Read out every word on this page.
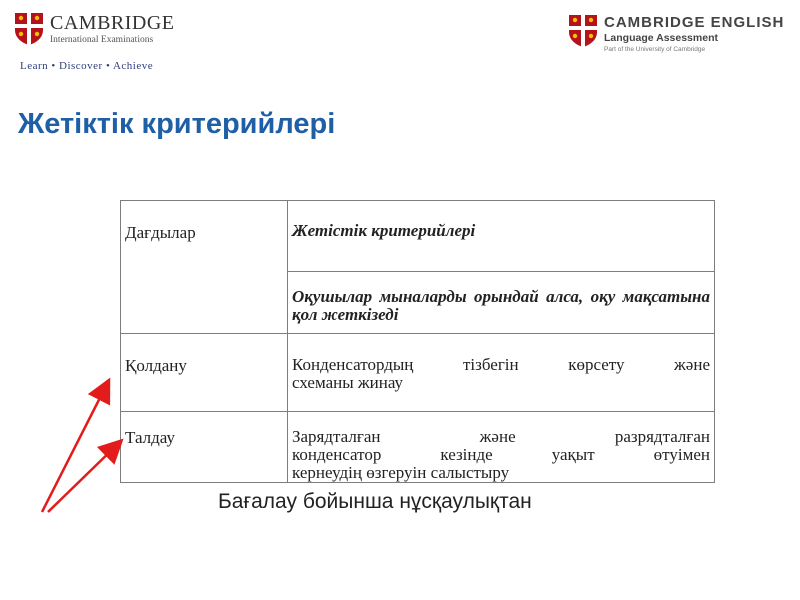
CAMBRIDGE
International Examinations
Learn • Discover • Achieve
CAMBRIDGE ENGLISH
Language Assessment
Part of the University of Cambridge
Жетіктік критерийлері
Дағдылар	Жетістік критерийлері
	Оқушылар мыналарды орындай алса, оқу мақсатына қол жеткізеді
Қолдану	Конденсатордың тізбегін көрсету және
схеманы жинау

Талдау	Зарядталған және разрядталған
конденсатор кезінде уақыт өтуімен
кернеудің өзгеруін салыстыру
Бағалау бойынша нұсқаулықтан
